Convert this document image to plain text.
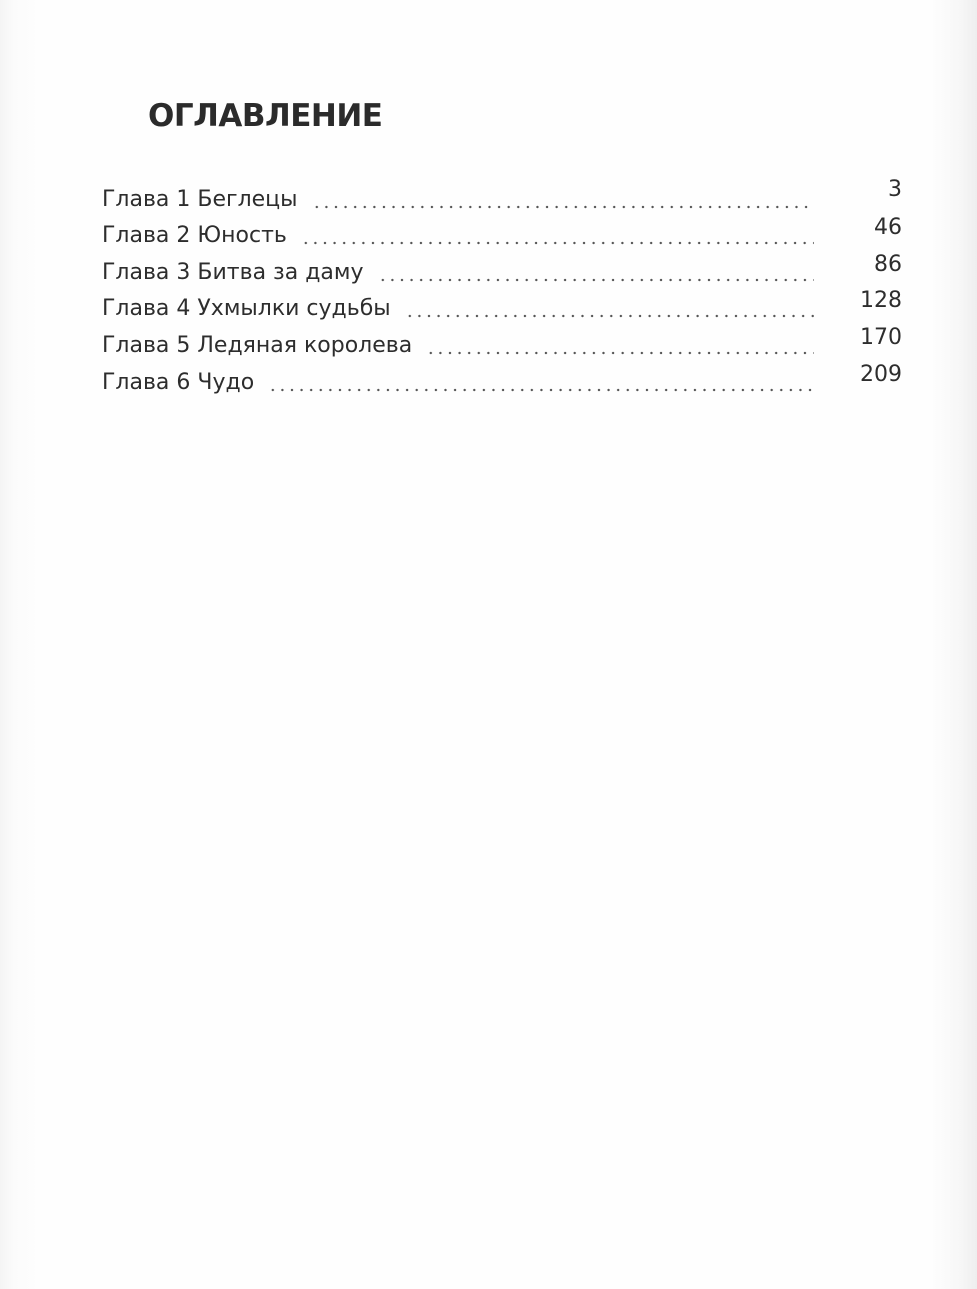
ОГЛАВЛЕНИЕ
Глава 1 Беглецы	3
Глава 2 Юность	46
Глава 3 Битва за даму	86
Глава 4 Ухмылки судьбы	128
Глава 5 Ледяная королева	170
Глава 6 Чудо	209
